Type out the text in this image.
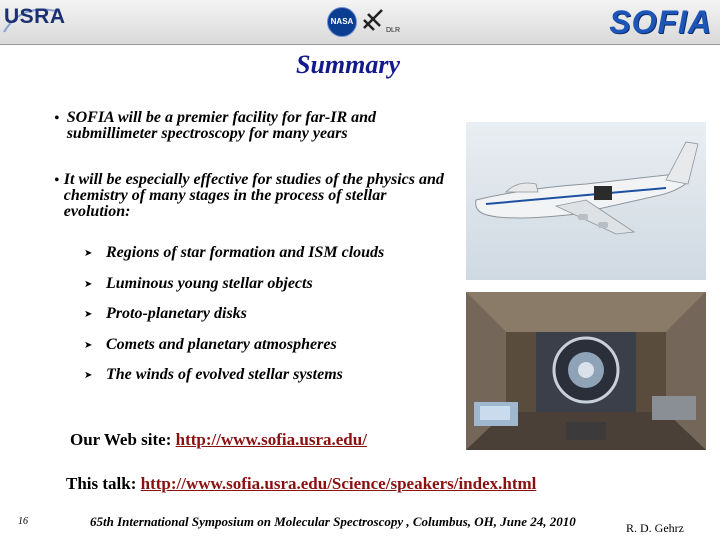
USRA	NASA
DLR	SOFIA
Summary
• SOFIA will be a premier facility for far-IR and submillimeter spectroscopy for many years
• It will be especially effective for studies of the physics and chemistry of many stages in the process of stellar evolution:
➤ Regions of star formation and ISM clouds
➤ Luminous young stellar objects
➤ Proto-planetary disks
➤ Comets and planetary atmospheres
➤ The winds of evolved stellar systems
Our Web site: http://www.sofia.usra.edu/
This talk: http://www.sofia.usra.edu/Science/speakers/index.html
16	65th International Symposium on Molecular Spectroscopy , Columbus, OH, June 24, 2010	R. D. Gehrz
